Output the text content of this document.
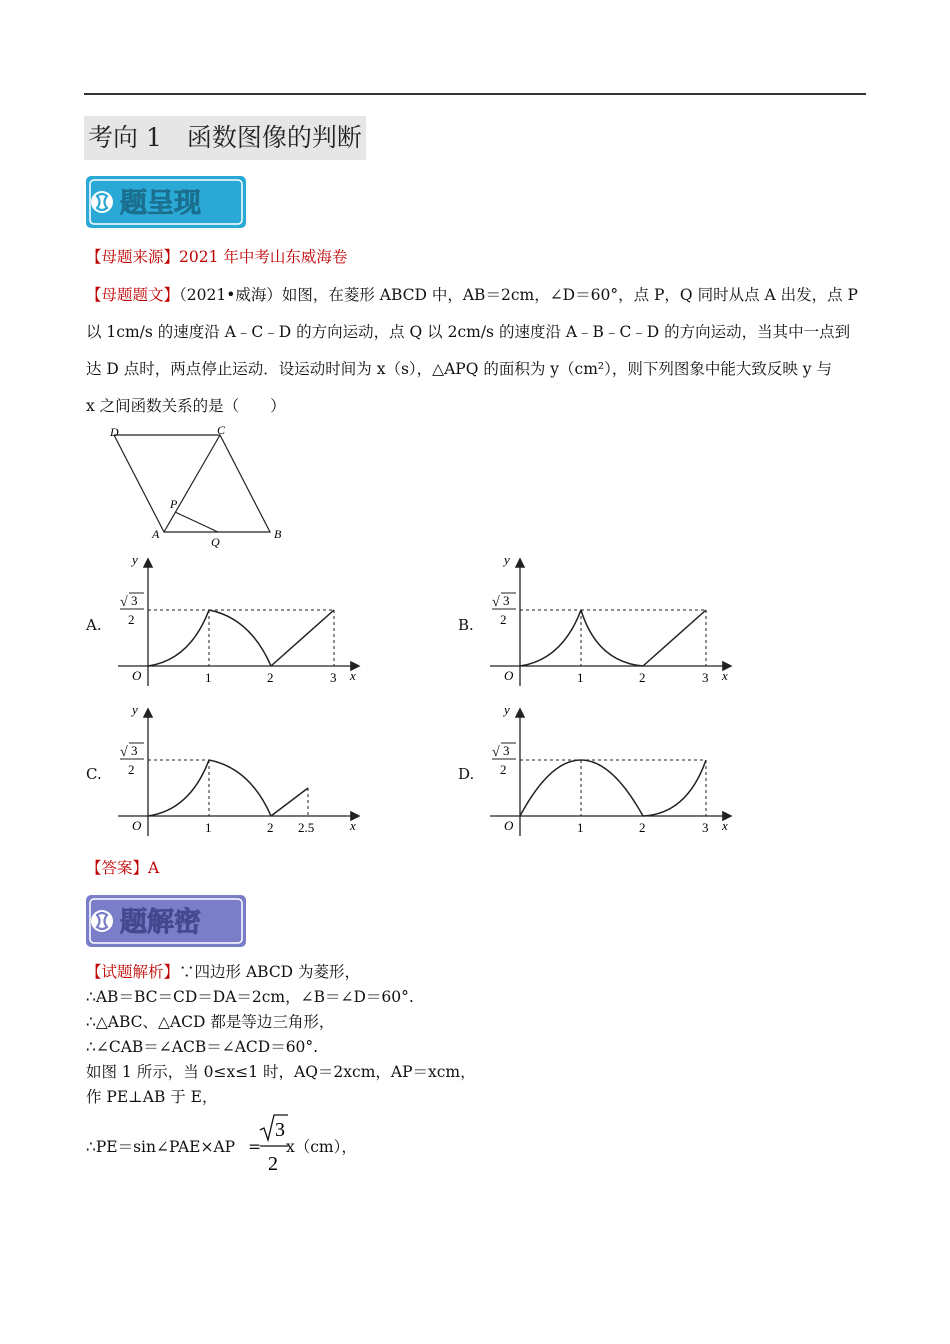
考向 1　函数图像的判断
题呈现
【母题来源】2021 年中考山东威海卷
【母题题文】（2021•威海）如图，在菱形 ABCD 中，AB＝2cm，∠D＝60°，点 P，Q 同时从点 A 出发，点 P
以 1cm/s 的速度沿 A﹣C﹣D 的方向运动，点 Q 以 2cm/s 的速度沿 A﹣B﹣C﹣D 的方向运动，当其中一点到
达 D 点时，两点停止运动．设运动时间为 x（s），△APQ 的面积为 y（cm²），则下列图象中能大致反映 y 与
x 之间函数关系的是（　　）
D	C
A	B
P
Q
A.	B.
C.	D.
y
x
O
√ 3
2
1	2	3
y
x
O
√ 3
2
1	2	3
y
x
O
√ 3
2
1	2 2.5
y
x
O
√ 3
2
1	2	3
【答案】A
题解密
【试题解析】∵四边形 ABCD 为菱形，
∴AB＝BC＝CD＝DA＝2cm，∠B＝∠D＝60°.
∴△ABC、△ACD 都是等边三角形，
∴∠CAB＝∠ACB＝∠ACD＝60°.
如图 1 所示，当 0≤x≤1 时，AQ＝2xcm，AP＝xcm，
作 PE⊥AB 于 E，
∴PE＝sin∠PAE×AP =
3
2
x（cm），
